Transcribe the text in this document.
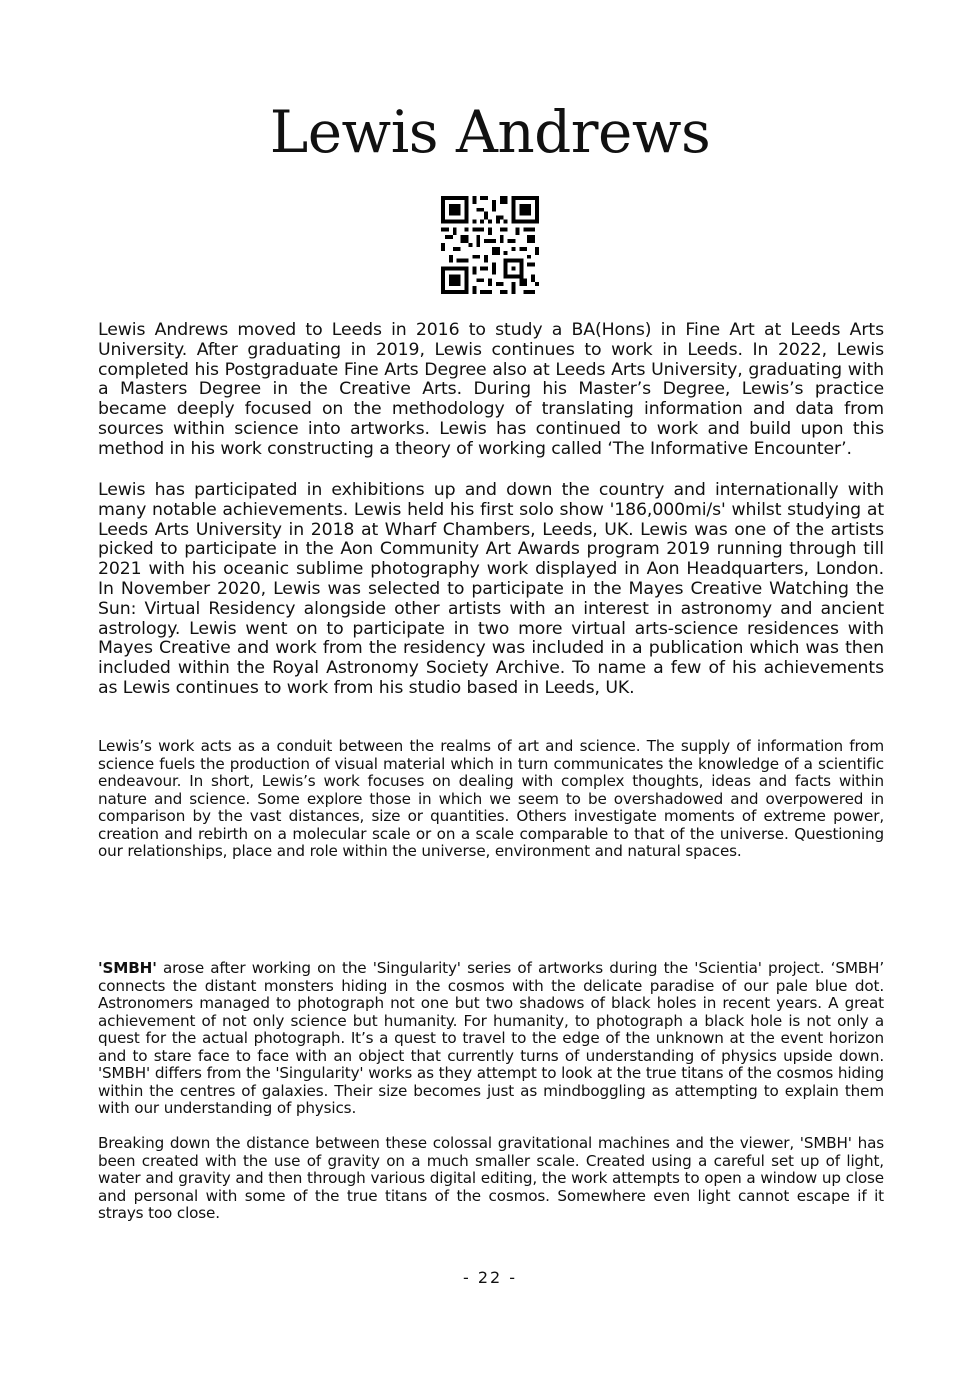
Lewis Andrews

Lewis Andrews moved to Leeds in 2016 to study a BA(Hons) in Fine Art at Leeds Arts University. After graduating in 2019, Lewis continues to work in Leeds. In 2022, Lewis completed his Postgraduate Fine Arts Degree also at Leeds Arts University, graduating with a Masters Degree in the Creative Arts. During his Master’s Degree, Lewis’s practice became deeply focused on the methodology of translating information and data from sources within science into artworks. Lewis has continued to work and build upon this method in his work constructing a theory of working called ‘The Informative Encounter’.

Lewis has participated in exhibitions up and down the country and internationally with many notable achievements. Lewis held his first solo show '186,000mi/s' whilst studying at Leeds Arts University in 2018 at Wharf Chambers, Leeds, UK. Lewis was one of the artists picked to participate in the Aon Community Art Awards program 2019 running through till 2021 with his oceanic sublime photography work displayed in Aon Headquarters, London. In November 2020, Lewis was selected to participate in the Mayes Creative Watching the Sun: Virtual Residency alongside other artists with an interest in astronomy and ancient astrology. Lewis went on to participate in two more virtual arts-science residences with Mayes Creative and work from the residency was included in a publication which was then included within the Royal Astronomy Society Archive. To name a few of his achievements as Lewis continues to work from his studio based in Leeds, UK.

Lewis’s work acts as a conduit between the realms of art and science. The supply of information from science fuels the production of visual material which in turn communicates the knowledge of a scientific endeavour. In short, Lewis’s work focuses on dealing with complex thoughts, ideas and facts within nature and science. Some explore those in which we seem to be overshadowed and overpowered in comparison by the vast distances, size or quantities. Others investigate moments of extreme power, creation and rebirth on a molecular scale or on a scale comparable to that of the universe. Questioning our relationships, place and role within the universe, environment and natural spaces.

'SMBH' arose after working on the 'Singularity' series of artworks during the 'Scientia' project. ‘SMBH’ connects the distant monsters hiding in the cosmos with the delicate paradise of our pale blue dot. Astronomers managed to photograph not one but two shadows of black holes in recent years. A great achievement of not only science but humanity. For humanity, to photograph a black hole is not only a quest for the actual photograph. It’s a quest to travel to the edge of the unknown at the event horizon and to stare face to face with an object that currently turns of understanding of physics upside down. 'SMBH' differs from the 'Singularity' works as they attempt to look at the true titans of the cosmos hiding within the centres of galaxies. Their size becomes just as mindboggling as attempting to explain them with our understanding of physics.

Breaking down the distance between these colossal gravitational machines and the viewer, 'SMBH' has been created with the use of gravity on a much smaller scale. Created using a careful set up of light, water and gravity and then through various digital editing, the work attempts to open a window up close and personal with some of the true titans of the cosmos. Somewhere even light cannot escape if it strays too close.

- 22 -
